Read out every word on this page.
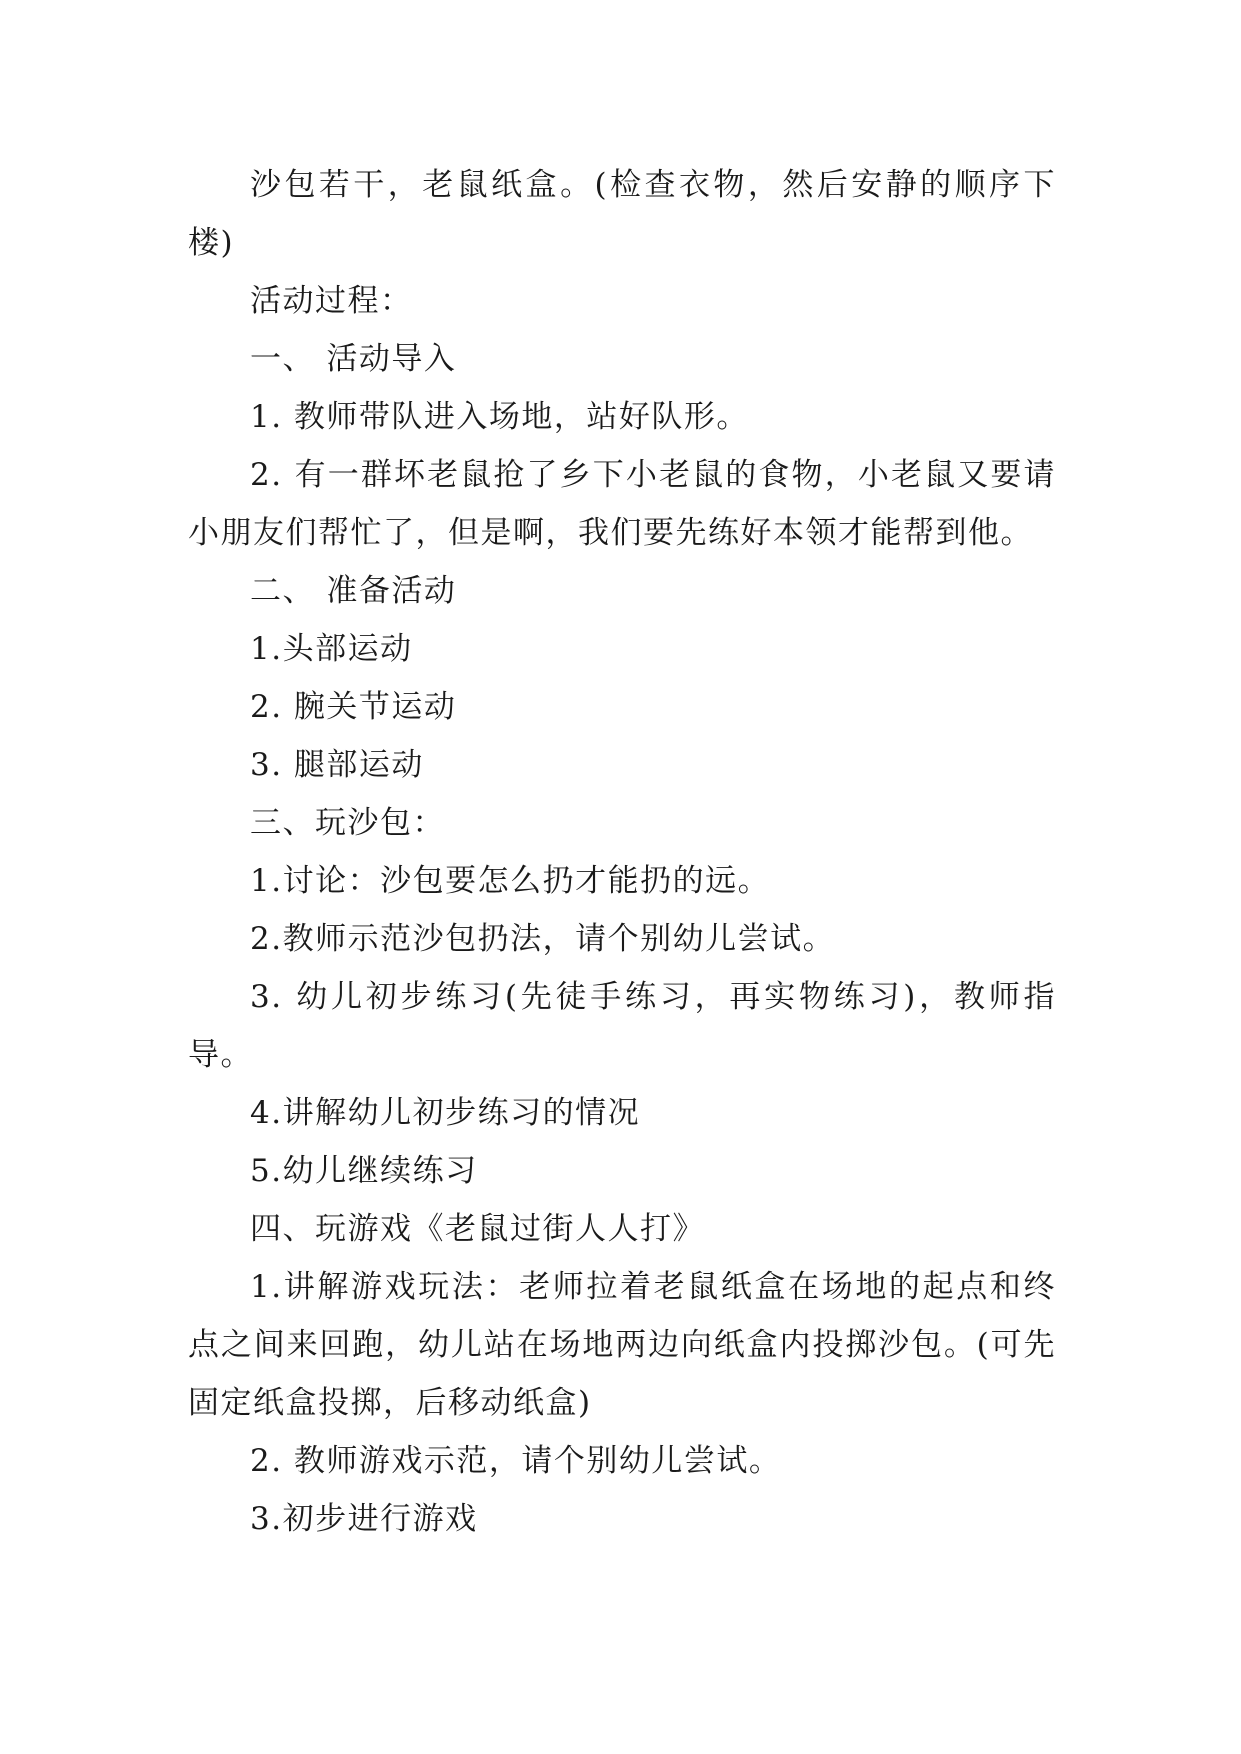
沙包若干，老鼠纸盒。(检查衣物，然后安静的顺序下楼)

活动过程：

一、 活动导入

1. 教师带队进入场地，站好队形。

2. 有一群坏老鼠抢了乡下小老鼠的食物，小老鼠又要请小朋友们帮忙了，但是啊，我们要先练好本领才能帮到他。

二、 准备活动

1.头部运动

2. 腕关节运动

3. 腿部运动

三、玩沙包：

1.讨论：沙包要怎么扔才能扔的远。

2.教师示范沙包扔法，请个别幼儿尝试。

3. 幼儿初步练习(先徒手练习，再实物练习)，教师指导。

4.讲解幼儿初步练习的情况

5.幼儿继续练习

四、玩游戏《老鼠过街人人打》

1.讲解游戏玩法：老师拉着老鼠纸盒在场地的起点和终点之间来回跑，幼儿站在场地两边向纸盒内投掷沙包。(可先固定纸盒投掷，后移动纸盒)

2. 教师游戏示范，请个别幼儿尝试。

3.初步进行游戏
